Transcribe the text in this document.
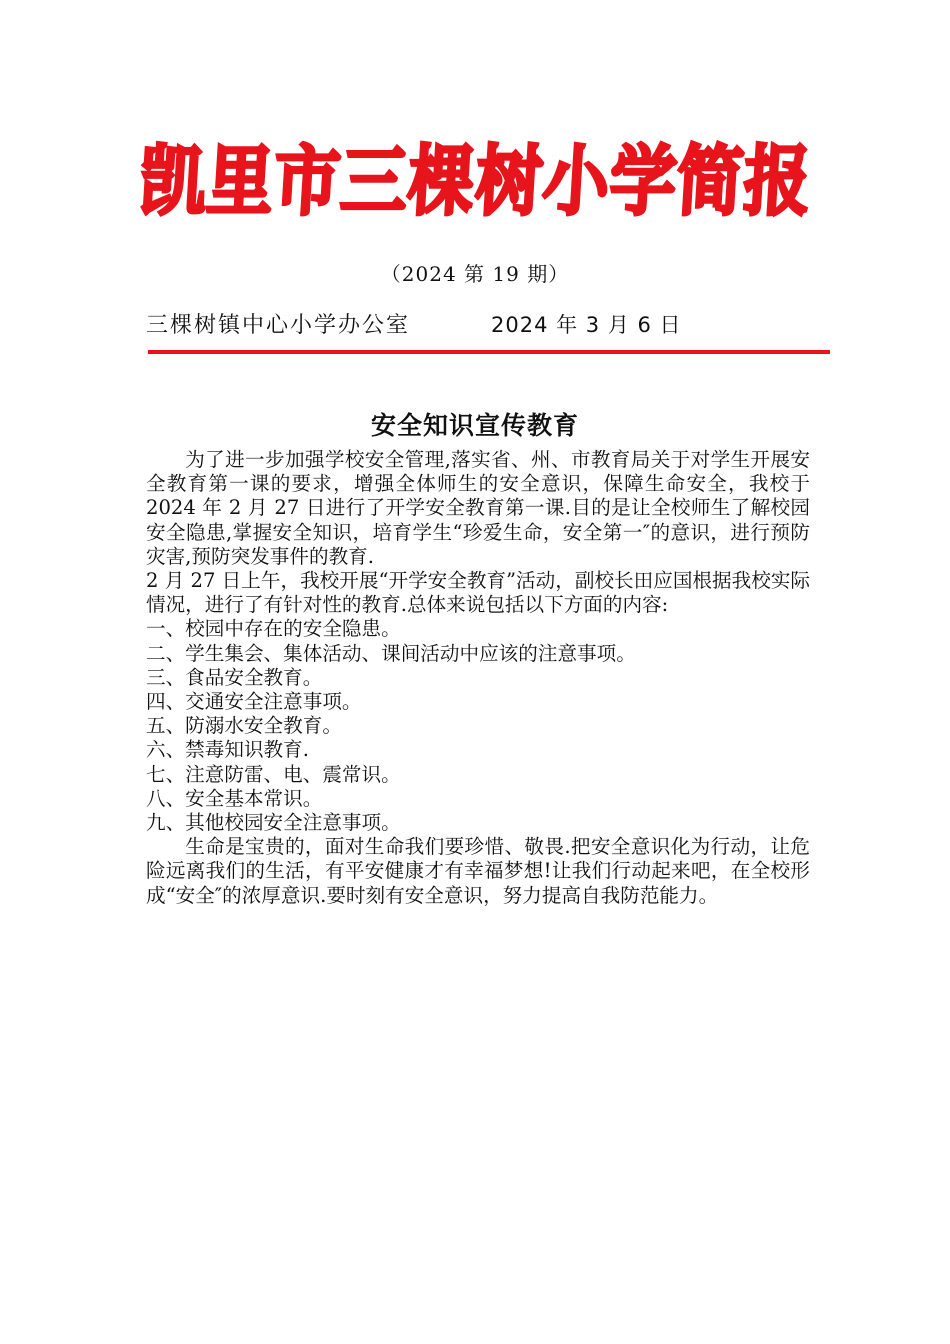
凯
里
市
三
棵
树
小
学
简
报
（2024 第 19 期）
三棵树镇中心小学办公室	2024 年 3 月 6 日
安全知识宣传教育

为了进一步加强学校安全管理,落实省、州、市教育局关于对学生开展安全教育第一课的要求，增强全体师生的安全意识，保障生命安全，我校于 2024 年 2 月 27 日进行了开学安全教育第一课.目的是让全校师生了解校园安全隐患,掌握安全知识，培育学生“珍爱生命，安全第一″的意识，进行预防灾害,预防突发事件的教育.

2 月 27 日上午，我校开展“开学安全教育”活动，副校长田应国根据我校实际情况，进行了有针对性的教育.总体来说包括以下方面的内容:

一、校园中存在的安全隐患。
二、学生集会、集体活动、课间活动中应该的注意事项。
三、食品安全教育。
四、交通安全注意事项。
五、防溺水安全教育。
六、禁毒知识教育.
七、注意防雷、电、震常识。
八、安全基本常识。
九、其他校园安全注意事项。

生命是宝贵的，面对生命我们要珍惜、敬畏.把安全意识化为行动，让危险远离我们的生活，有平安健康才有幸福梦想!让我们行动起来吧，在全校形成“安全″的浓厚意识.要时刻有安全意识，努力提高自我防范能力。
